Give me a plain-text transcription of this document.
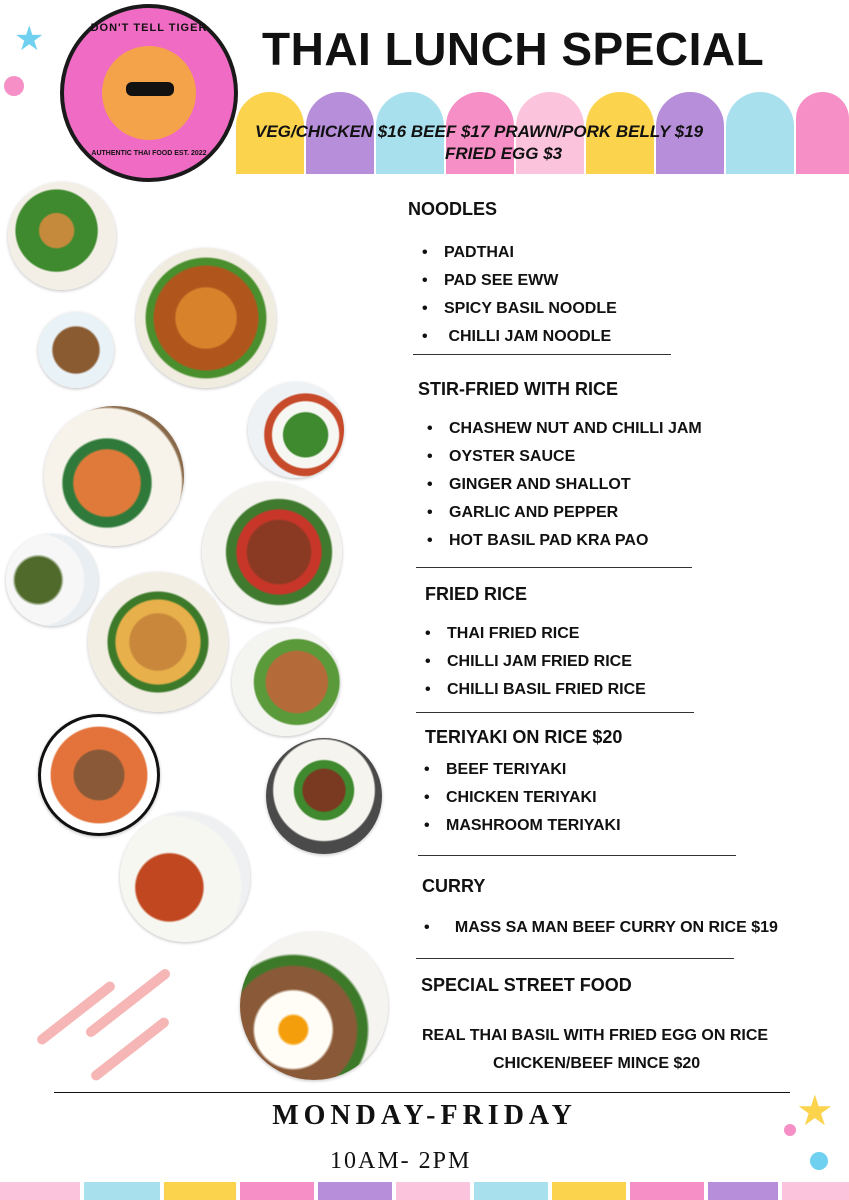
★	DON'T TELL TIGER
AUTHENTIC THAI FOOD EST. 2022
THAI LUNCH SPECIAL
VEG/CHICKEN $16 BEEF $17 PRAWN/PORK BELLY $19
FRIED EGG $3
NOODLES
• PADTHAI
• PAD SEE EWW
• SPICY BASIL NOODLE
• CHILLI JAM NOODLE
STIR-FRIED WITH RICE
• CHASHEW NUT AND CHILLI JAM
• OYSTER SAUCE
• GINGER AND SHALLOT
• GARLIC AND PEPPER
• HOT BASIL PAD KRA PAO
FRIED RICE
• THAI FRIED RICE
• CHILLI JAM FRIED RICE
• CHILLI BASIL FRIED RICE
TERIYAKI ON RICE $20
• BEEF TERIYAKI
• CHICKEN TERIYAKI
• MASHROOM TERIYAKI
CURRY
•   MASS SA MAN BEEF CURRY ON RICE $19
SPECIAL STREET FOOD
REAL THAI BASIL WITH FRIED EGG ON RICE
CHICKEN/BEEF MINCE $20
MONDAY-FRIDAY
10AM- 2PM
★
